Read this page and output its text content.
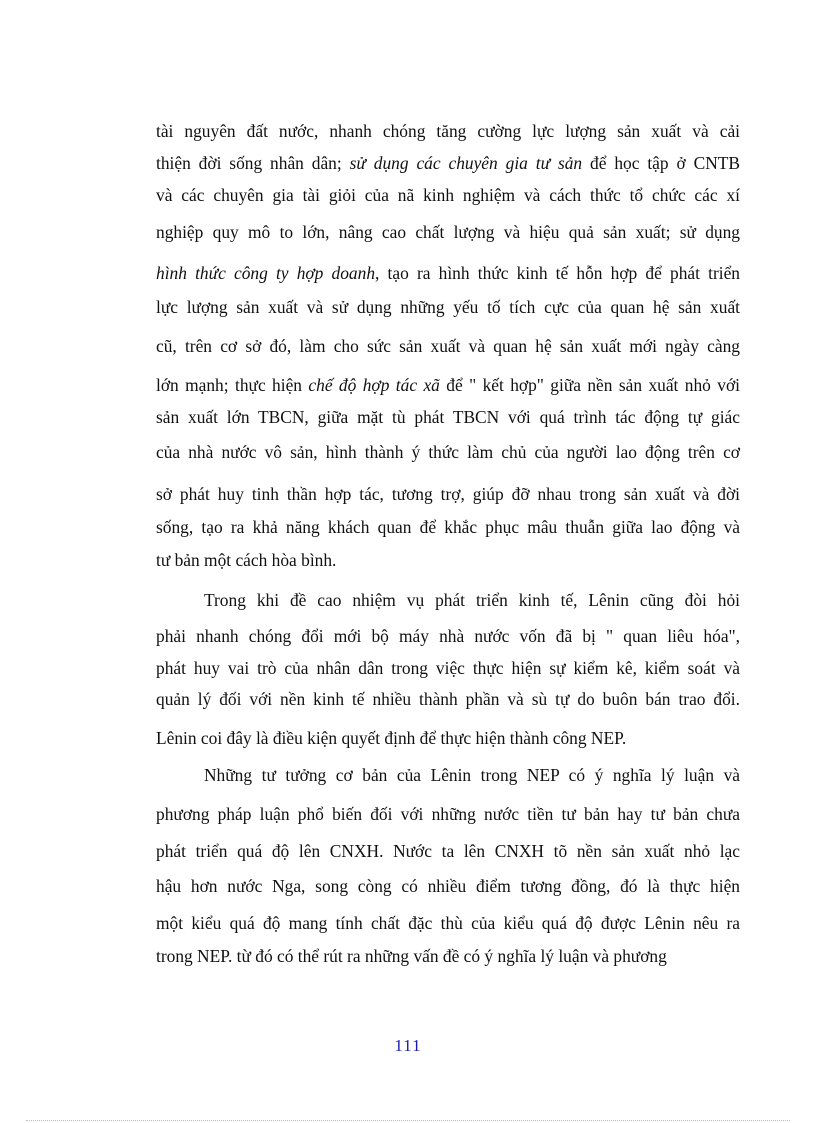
tài nguyên đất nước, nhanh chóng tăng cường lực lượng sản xuất và cải
thiện đời sống nhân dân; sử dụng các chuyên gia tư sản để học tập ở CNTB
và các chuyên gia tài giỏi của nã kinh nghiệm và cách thức tổ chức các xí
nghiệp quy mô to lớn, nâng cao chất lượng và hiệu quả sản xuất; sử dụng
hình thức công ty hợp doanh, tạo ra hình thức kinh tế hỗn hợp để phát triển
lực lượng sản xuất và sử dụng những yếu tố tích cực của quan hệ sản xuất
cũ, trên cơ sở đó, làm cho sức sản xuất và quan hệ sản xuất mới ngày càng
lớn mạnh; thực hiện chế độ hợp tác xã để " kết hợp" giữa nền sản xuất nhỏ với
sản xuất lớn TBCN, giữa mặt tù phát TBCN với quá trình tác động tự giác
của nhà nước vô sản, hình thành ý thức làm chủ của người lao động trên cơ
sở phát huy tinh thần hợp tác, tương trợ, giúp đỡ nhau trong sản xuất và đời
sống, tạo ra khả năng khách quan để khắc phục mâu thuẫn giữa lao động và
tư bản một cách hòa bình.
Trong khi đề cao nhiệm vụ phát triển kinh tế, Lênin cũng đòi hỏi
phải nhanh chóng đổi mới bộ máy nhà nước vốn đã bị " quan liêu hóa",
phát huy vai trò của nhân dân trong việc thực hiện sự kiểm kê, kiểm soát và
quản lý đối với nền kinh tế nhiều thành phần và sù tự do buôn bán trao đổi.
Lênin coi đây là điều kiện quyết định để thực hiện thành công NEP.
Những tư tưởng cơ bản của Lênin trong NEP có ý nghĩa lý luận và
phương pháp luận phổ biến đối với những nước tiền tư bản hay tư bản chưa
phát triển quá độ lên CNXH. Nước ta lên CNXH tõ nền sản xuất nhỏ lạc
hậu hơn nước Nga, song còng có nhiều điểm tương đồng, đó là thực hiện
một kiểu quá độ mang tính chất đặc thù của kiểu quá độ được Lênin nêu ra
trong NEP. từ đó có thể rút ra những vấn đề có ý nghĩa lý luận và phương
111
